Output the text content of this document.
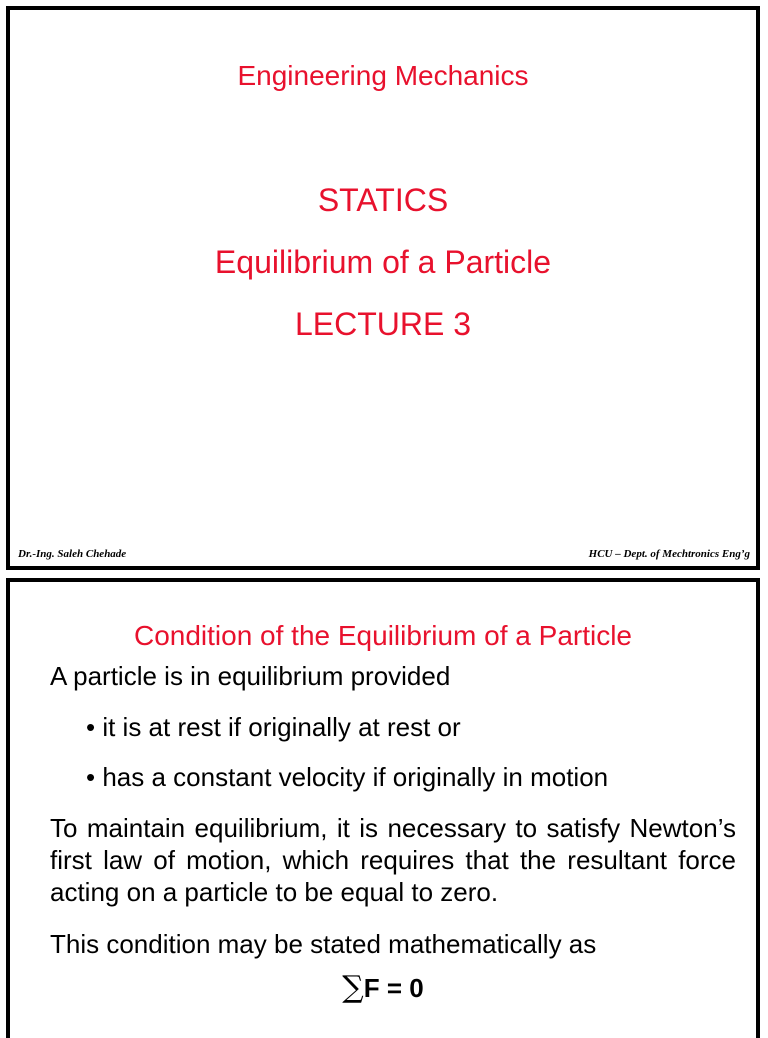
Engineering Mechanics
STATICS
Equilibrium of a Particle
LECTURE 3
Dr.-Ing. Saleh Chehade	HCU – Dept. of Mechtronics Eng’g
Condition of the Equilibrium of a Particle
A particle is in equilibrium provided
• it is at rest if originally at rest or
• has a constant velocity if originally in motion
To maintain equilibrium, it is necessary to satisfy Newton’s first law of motion, which requires that the resultant force acting on a particle to be equal to zero.
This condition may be stated mathematically as
∑F = 0
